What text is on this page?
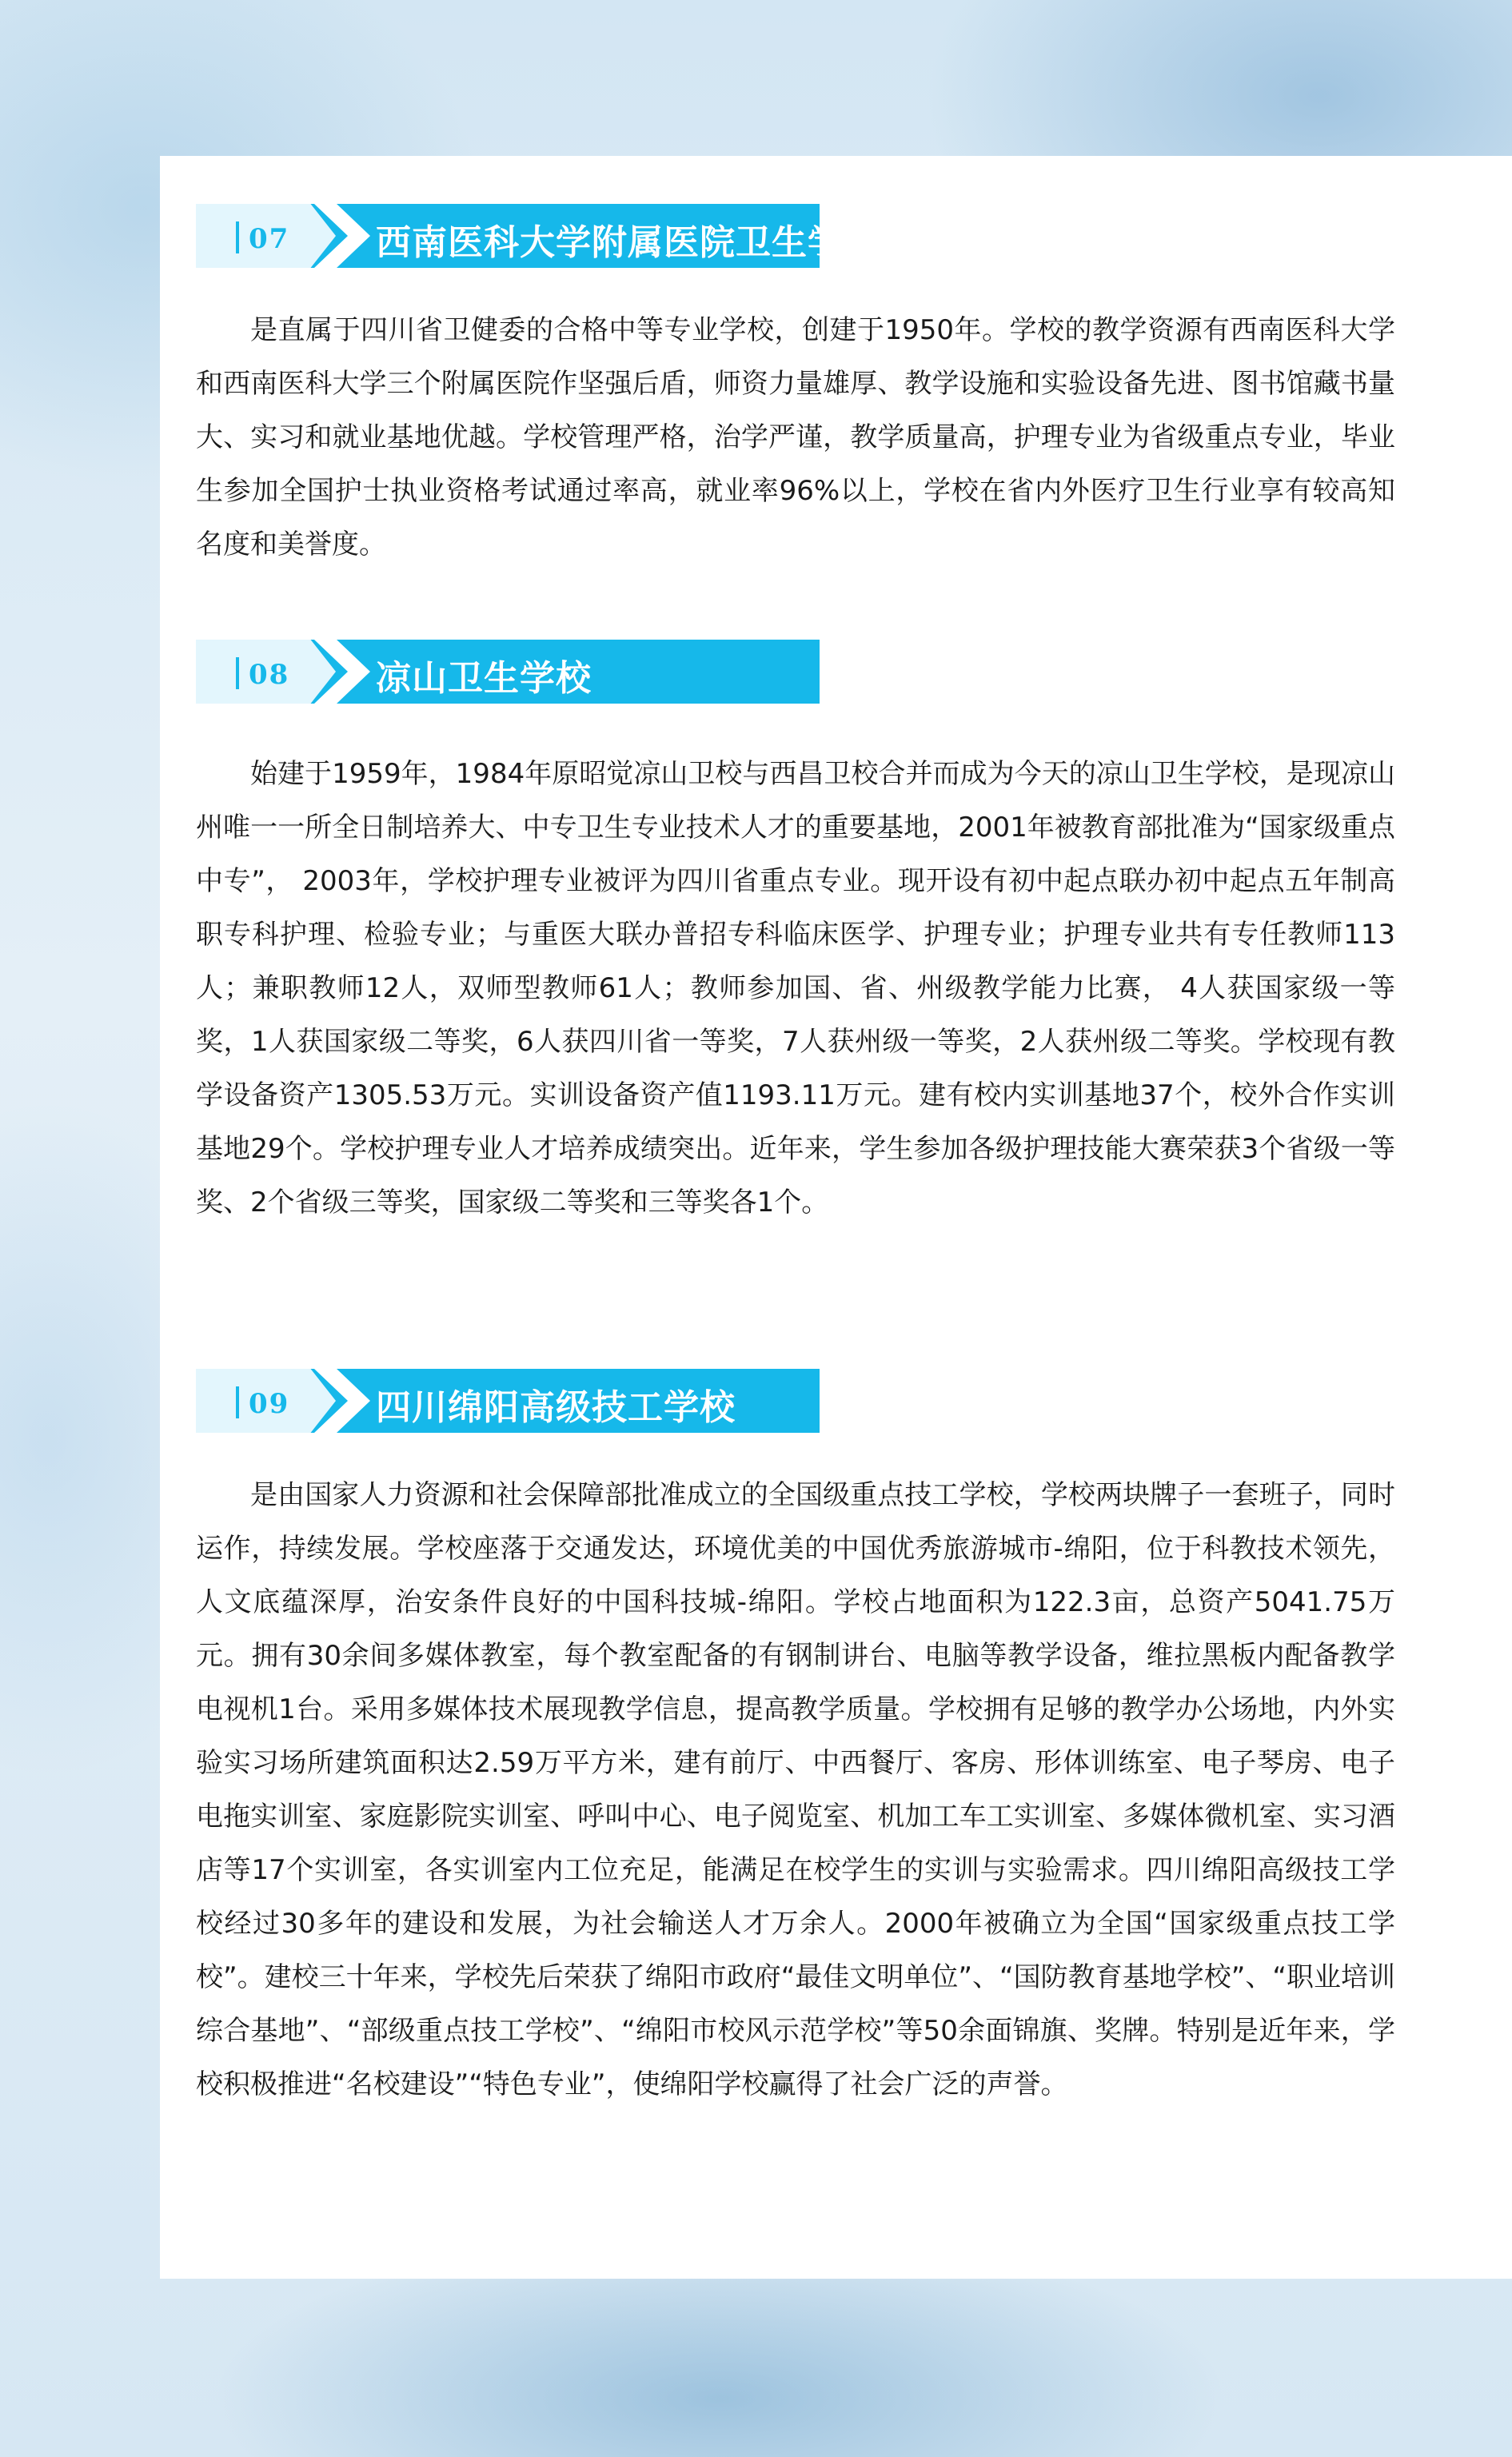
07 西南医科大学附属医院卫生学校

是直属于四川省卫健委的合格中等专业学校，创建于1950年。学校的教学资源有西南医科大学和西南医科大学三个附属医院作坚强后盾，师资力量雄厚、教学设施和实验设备先进、图书馆藏书量大、实习和就业基地优越。学校管理严格，治学严谨，教学质量高，护理专业为省级重点专业，毕业生参加全国护士执业资格考试通过率高，就业率96%以上，学校在省内外医疗卫生行业享有较高知名度和美誉度。

08 凉山卫生学校

始建于1959年，1984年原昭觉凉山卫校与西昌卫校合并而成为今天的凉山卫生学校，是现凉山州唯一一所全日制培养大、中专卫生专业技术人才的重要基地，2001年被教育部批准为“国家级重点中专”， 2003年，学校护理专业被评为四川省重点专业。现开设有初中起点联办初中起点五年制高职专科护理、检验专业；与重医大联办普招专科临床医学、护理专业；护理专业共有专任教师113人；兼职教师12人，双师型教师61人；教师参加国、省、州级教学能力比赛， 4人获国家级一等奖，1人获国家级二等奖，6人获四川省一等奖，7人获州级一等奖，2人获州级二等奖。学校现有教学设备资产1305.53万元。实训设备资产值1193.11万元。建有校内实训基地37个，校外合作实训基地29个。学校护理专业人才培养成绩突出。近年来，学生参加各级护理技能大赛荣获3个省级一等奖、2个省级三等奖，国家级二等奖和三等奖各1个。

09 四川绵阳高级技工学校

是由国家人力资源和社会保障部批准成立的全国级重点技工学校，学校两块牌子一套班子，同时运作，持续发展。学校座落于交通发达，环境优美的中国优秀旅游城市-绵阳，位于科教技术领先，人文底蕴深厚，治安条件良好的中国科技城-绵阳。学校占地面积为122.3亩，总资产5041.75万元。拥有30余间多媒体教室，每个教室配备的有钢制讲台、电脑等教学设备，维拉黑板内配备教学电视机1台。采用多媒体技术展现教学信息，提高教学质量。学校拥有足够的教学办公场地，内外实验实习场所建筑面积达2.59万平方米，建有前厅、中西餐厅、客房、形体训练室、电子琴房、电子电拖实训室、家庭影院实训室、呼叫中心、电子阅览室、机加工车工实训室、多媒体微机室、实习酒店等17个实训室，各实训室内工位充足，能满足在校学生的实训与实验需求。四川绵阳高级技工学校经过30多年的建设和发展，为社会输送人才万余人。2000年被确立为全国“国家级重点技工学校”。建校三十年来，学校先后荣获了绵阳市政府“最佳文明单位”、“国防教育基地学校”、“职业培训综合基地”、“部级重点技工学校”、“绵阳市校风示范学校”等50余面锦旗、奖牌。特别是近年来，学校积极推进“名校建设”“特色专业”，使绵阳学校赢得了社会广泛的声誉。
